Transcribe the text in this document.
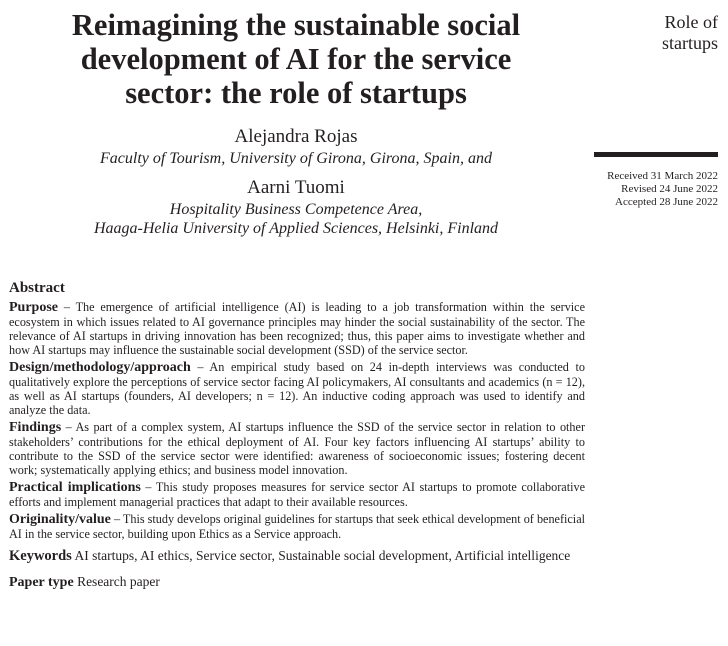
Reimagining the sustainable social
development of AI for the service
sector: the role of startups
Alejandra Rojas
Faculty of Tourism, University of Girona, Girona, Spain, and
Aarni Tuomi
Hospitality Business Competence Area,
Haaga-Helia University of Applied Sciences, Helsinki, Finland
Role of
startups
Received 31 March 2022
Revised 24 June 2022
Accepted 28 June 2022
Abstract
Purpose – The emergence of artificial intelligence (AI) is leading to a job transformation within the service ecosystem in which issues related to AI governance principles may hinder the social sustainability of the sector. The relevance of AI startups in driving innovation has been recognized; thus, this paper aims to investigate whether and how AI startups may influence the sustainable social development (SSD) of the service sector.
Design/methodology/approach – An empirical study based on 24 in-depth interviews was conducted to qualitatively explore the perceptions of service sector facing AI policymakers, AI consultants and academics (n = 12), as well as AI startups (founders, AI developers; n = 12). An inductive coding approach was used to identify and analyze the data.
Findings – As part of a complex system, AI startups influence the SSD of the service sector in relation to other stakeholders’ contributions for the ethical deployment of AI. Four key factors influencing AI startups’ ability to contribute to the SSD of the service sector were identified: awareness of socioeconomic issues; fostering decent work; systematically applying ethics; and business model innovation.
Practical implications – This study proposes measures for service sector AI startups to promote collaborative efforts and implement managerial practices that adapt to their available resources.
Originality/value – This study develops original guidelines for startups that seek ethical development of beneficial AI in the service sector, building upon Ethics as a Service approach.
Keywords AI startups, AI ethics, Service sector, Sustainable social development, Artificial intelligence
Paper type Research paper
